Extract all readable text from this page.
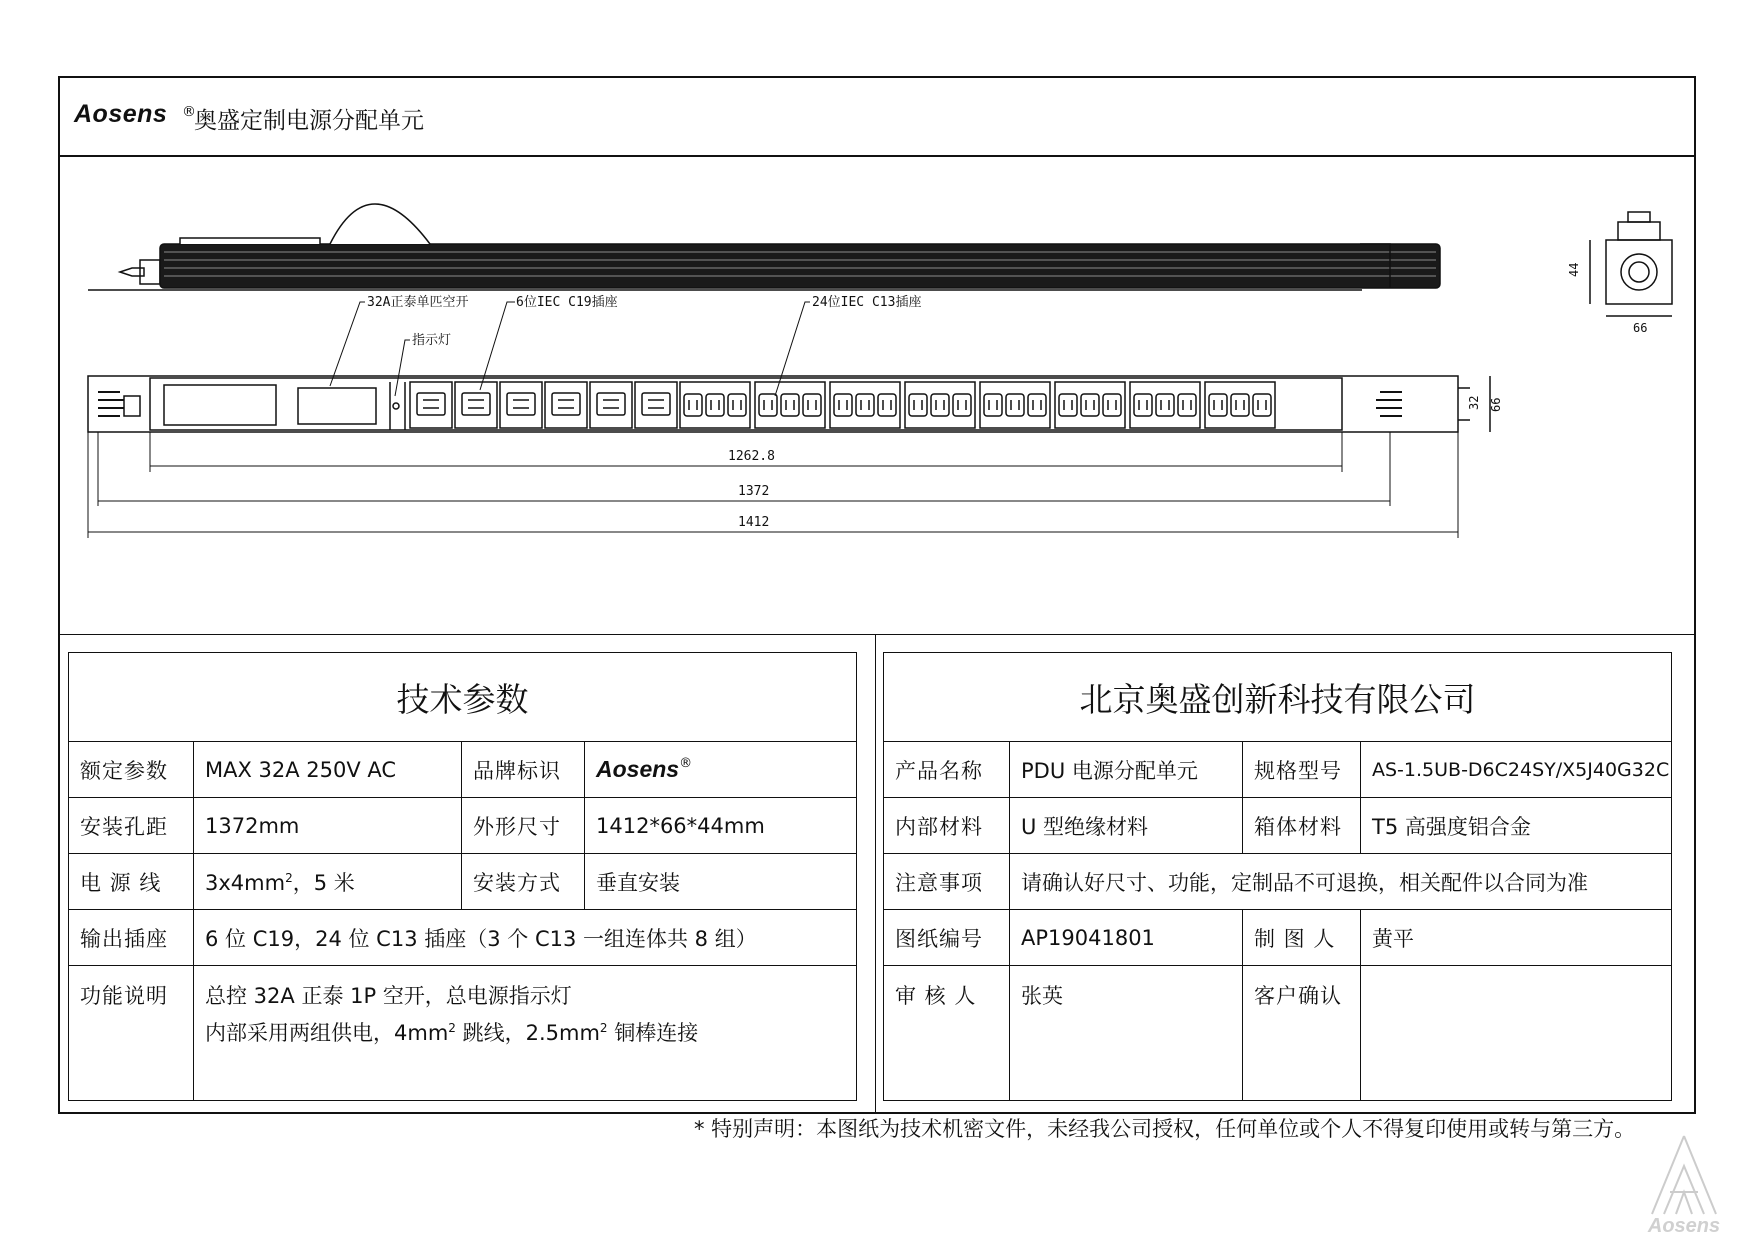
Aosens ®
奥盛定制电源分配单元
44
66
32 66
32A正泰单匹空开
指示灯
6位IEC C19插座	24位IEC C13插座
1262.8
1372
1412
技术参数			
额定参数	MAX 32A 250V AC	品牌标识	Aosens®
安装孔距	1372mm	外形尺寸	1412*66*44mm
电 源 线	$3x4mm^2$，5 米	安装方式	垂直安装
输出插座	6 位 C19，24 位 C13 插座（3 个 C13 一组连体共 8 组）		
功能说明	总控 32A 正泰 1P 空开，总电源指示灯
内部采用两组供电，$4mm^2$ 跳线，$2.5mm^2$ 铜棒连接		
北京奥盛创新科技有限公司			
产品名称	PDU 电源分配单元	规格型号	AS-1.5UB-D6C24SY/X5J40G32C
内部材料	U 型绝缘材料	箱体材料	T5 高强度铝合金
注意事项	请确认好尺寸、功能，定制品不可退换，相关配件以合同为准		
图纸编号	AP19041801	制 图 人	黄平
审 核 人	张英	客户确认	
* 特别声明：本图纸为技术机密文件，未经我公司授权，任何单位或个人不得复印使用或转与第三方。
Aosens
